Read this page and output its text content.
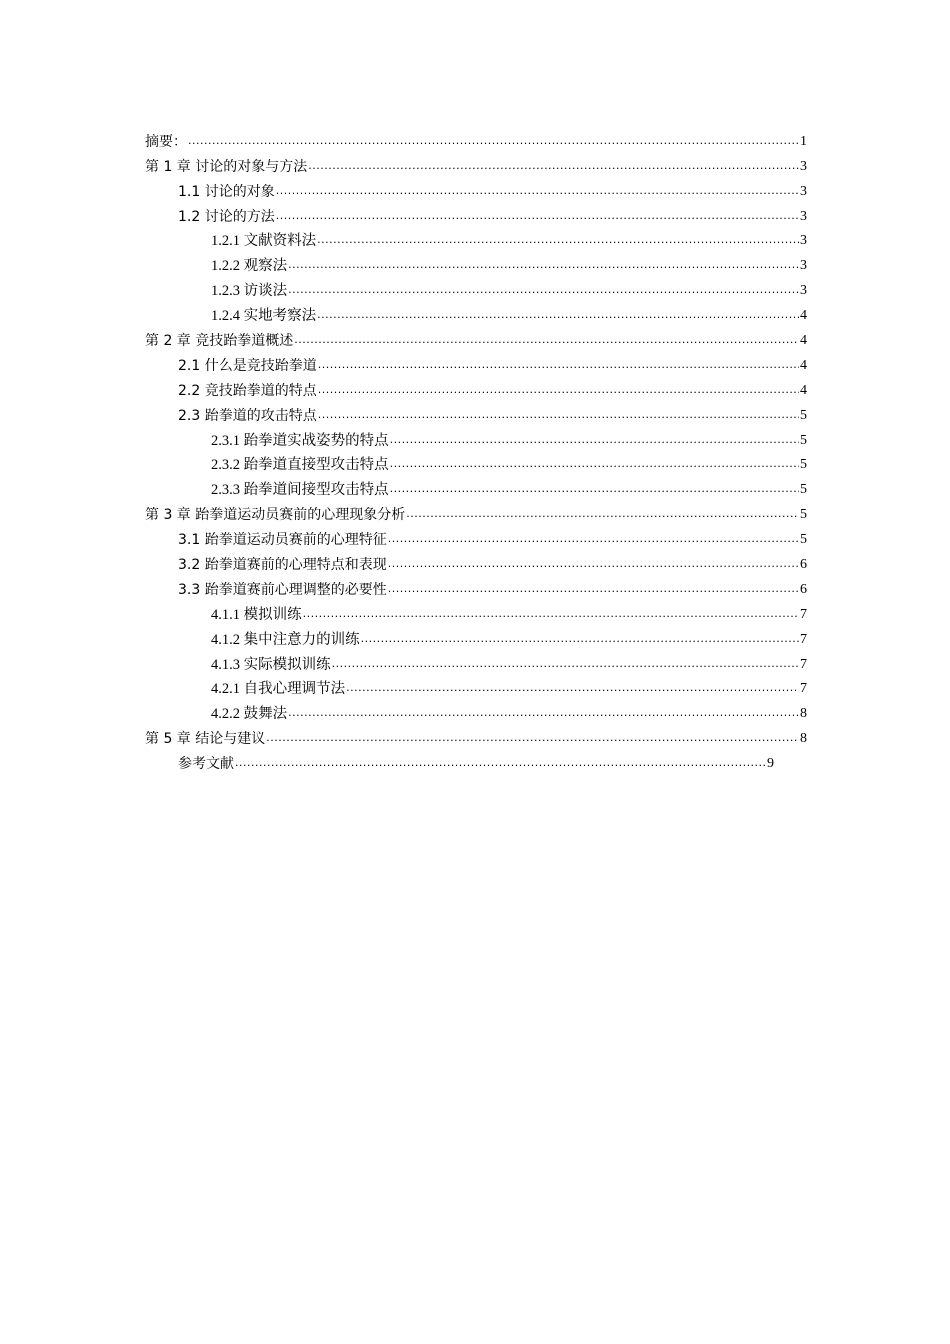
摘要： .....	1
第 1 章 讨论的对象与方法 .....	3
1.1 讨论的对象 .....	3
1.2 讨论的方法 .....	3
1.2.1 文献资料法 .....	3
1.2.2 观察法 .....	3
1.2.3 访谈法 .....	3
1.2.4 实地考察法 .....	4
第 2 章 竞技跆拳道概述 .....	4
2.1 什么是竞技跆拳道 .....	4
2.2 竞技跆拳道的特点 .....	4
2.3 跆拳道的攻击特点 .....	5
2.3.1 跆拳道实战姿势的特点 .....	5
2.3.2 跆拳道直接型攻击特点 .....	5
2.3.3 跆拳道间接型攻击特点 .....	5
第 3 章 跆拳道运动员赛前的心理现象分析 .....	5
3.1 跆拳道运动员赛前的心理特征 .....	5
3.2 跆拳道赛前的心理特点和表现 .....	6
3.3 跆拳道赛前心理调整的必要性 .....	6
4.1.1 模拟训练 .....	7
4.1.2 集中注意力的训练 .....	7
4.1.3 实际模拟训练 .....	7
4.2.1 自我心理调节法 .....	7
4.2.2 鼓舞法 .....	8
第 5 章 结论与建议 .....	8
参考文献 .....	9
